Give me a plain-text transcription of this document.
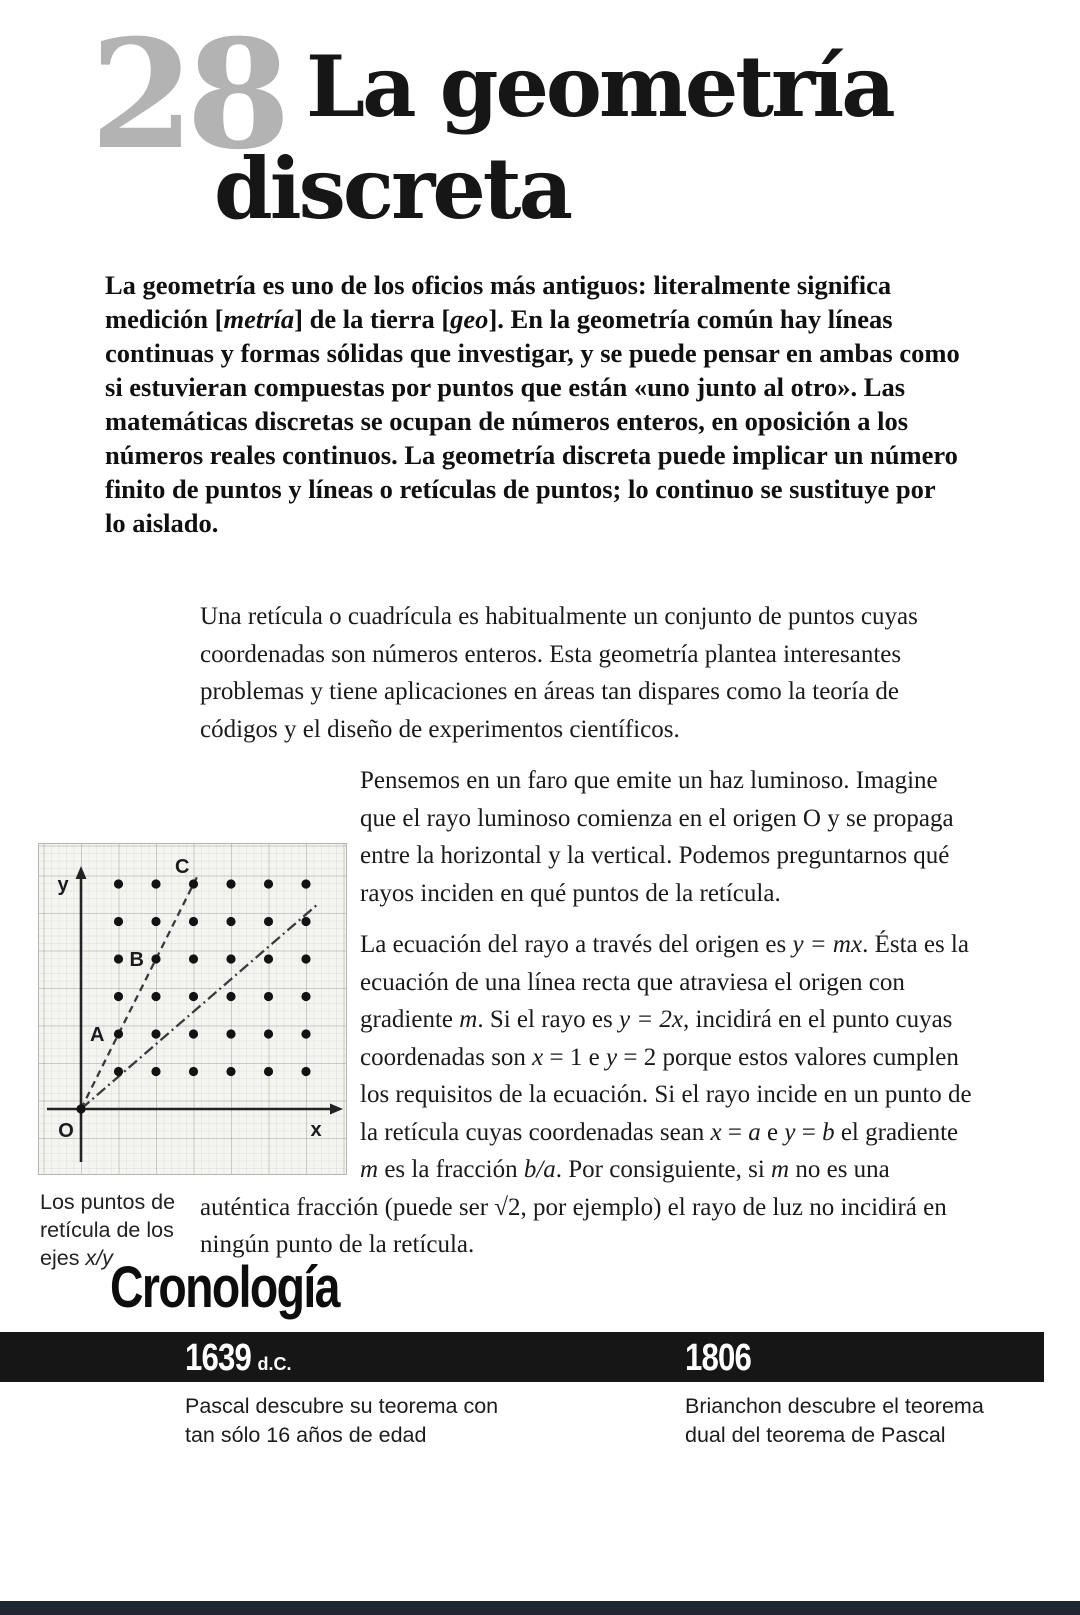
28 La geometría
discreta
La geometría es uno de los oficios más antiguos: literalmente significa medición [metría] de la tierra [geo]. En la geometría común hay líneas continuas y formas sólidas que investigar, y se puede pensar en ambas como si estuvieran compuestas por puntos que están «uno junto al otro». Las matemáticas discretas se ocupan de números enteros, en oposición a los números reales continuos. La geometría discreta puede implicar un número finito de puntos y líneas o retículas de puntos; lo continuo se sustituye por lo aislado.

Una retícula o cuadrícula es habitualmente un conjunto de puntos cuyas coordenadas son números enteros. Esta geometría plantea interesantes problemas y tiene aplicaciones en áreas tan dispares como la teoría de códigos y el diseño de experimentos científicos.

Pensemos en un faro que emite un haz luminoso. Imagine que el rayo luminoso comienza en el origen O y se propaga entre la horizontal y la vertical. Podemos preguntarnos qué rayos inciden en qué puntos de la retícula.

La ecuación del rayo a través del origen es y = mx. Ésta es la ecuación de una línea recta que atraviesa el origen con gradiente m. Si el rayo es y = 2x, incidirá en el punto cuyas coordenadas son x = 1 e y = 2 porque estos valores cumplen los requisitos de la ecuación. Si el rayo incide en un punto de la retícula cuyas coordenadas sean x = a e y = b el gradiente m es la fracción b/a. Por consiguiente, si m no es una auténtica fracción (puede ser √2, por ejemplo) el rayo de luz no incidirá en ningún punto de la retícula.

y
x
O
A
B
C
Los puntos de retícula de los ejes x/y
Cronología
1639 d.C.	1806
Pascal descubre su teorema con tan sólo 16 años de edad
Brianchon descubre el teorema dual del teorema de Pascal
